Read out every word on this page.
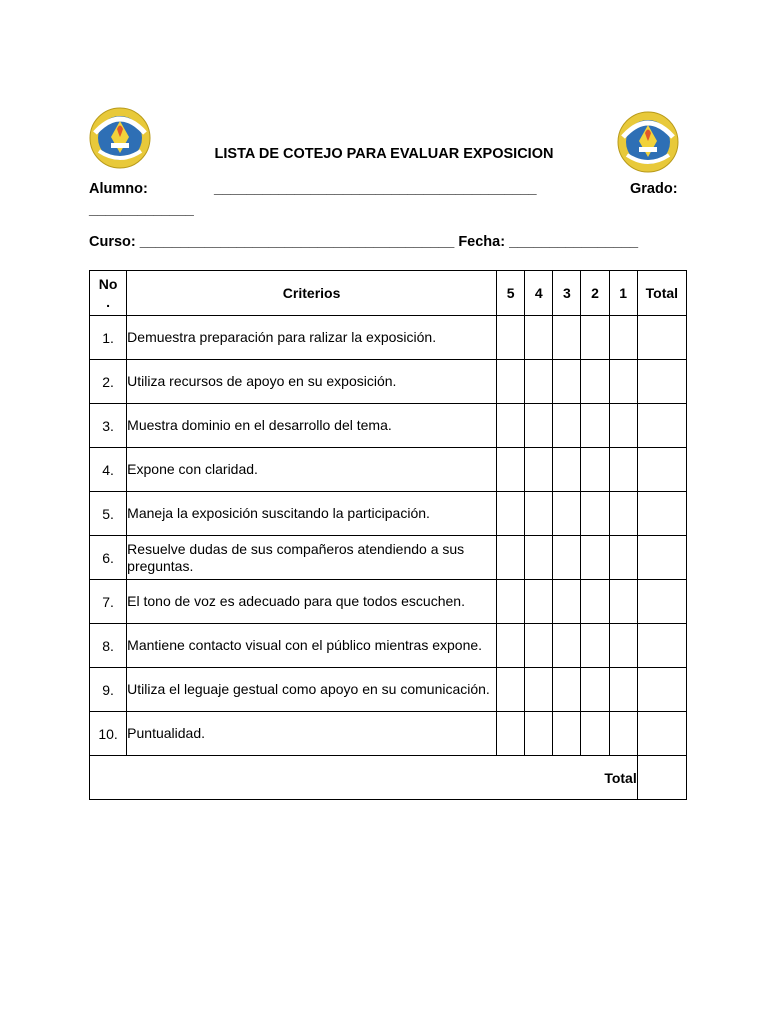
LISTA DE COTEJO PARA EVALUAR EXPOSICION
Alumno:	________________________________________	Grado:
_____________
Curso: _______________________________________ Fecha: ________________
No
.	Criterios	5	4	3	2	1	Total
1.	Demuestra preparación para ralizar la exposición.						
2.	Utiliza recursos de apoyo en su exposición.						
3.	Muestra dominio en el desarrollo del tema.						
4.	Expone con claridad.						
5.	Maneja la exposición suscitando la participación.						
6.	Resuelve dudas de sus compañeros atendiendo a sus preguntas.						
7.	El tono de voz es adecuado para que todos escuchen.						
8.	Mantiene contacto visual con el público mientras expone.						
9.	Utiliza el leguaje gestual como apoyo en su comunicación.						
10.	Puntualidad.						
Total							
